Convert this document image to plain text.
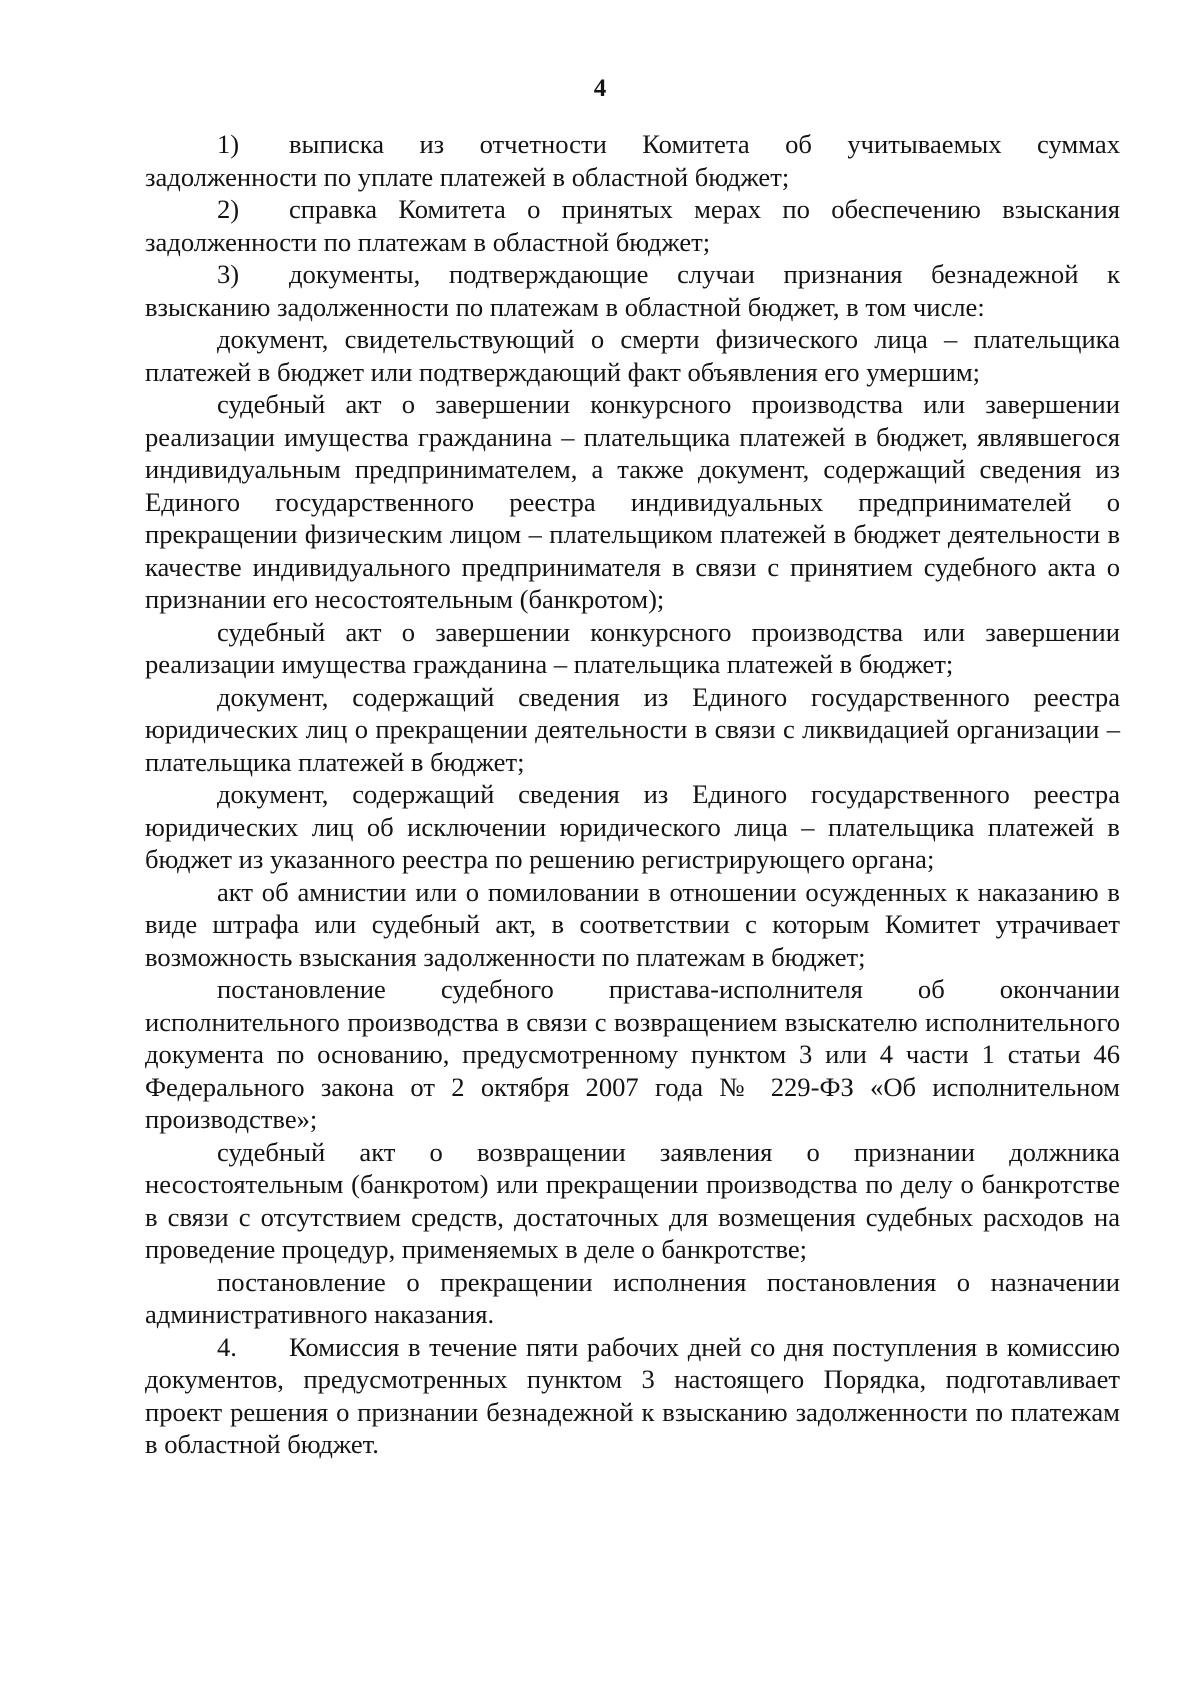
4

1) выписка из отчетности Комитета об учитываемых суммах задолженности по уплате платежей в областной бюджет;

2) справка Комитета о принятых мерах по обеспечению взыскания задолженности по платежам в областной бюджет;

3) документы, подтверждающие случаи признания безнадежной к взысканию задолженности по платежам в областной бюджет, в том числе:

документ, свидетельствующий о смерти физического лица – плательщика платежей в бюджет или подтверждающий факт объявления его умершим;

судебный акт о завершении конкурсного производства или завершении реализации имущества гражданина – плательщика платежей в бюджет, являвшегося индивидуальным предпринимателем, а также документ, содержащий сведения из Единого государственного реестра индивидуальных предпринимателей о прекращении физическим лицом – плательщиком платежей в бюджет деятельности в качестве индивидуального предпринимателя в связи с принятием судебного акта о признании его несостоятельным (банкротом);

судебный акт о завершении конкурсного производства или завершении реализации имущества гражданина – плательщика платежей в бюджет;

документ, содержащий сведения из Единого государственного реестра юридических лиц о прекращении деятельности в связи с ликвидацией организации – плательщика платежей в бюджет;

документ, содержащий сведения из Единого государственного реестра юридических лиц об исключении юридического лица – плательщика платежей в бюджет из указанного реестра по решению регистрирующего органа;

акт об амнистии или о помиловании в отношении осужденных к наказанию в виде штрафа или судебный акт, в соответствии с которым Комитет утрачивает возможность взыскания задолженности по платежам в бюджет;

постановление судебного пристава-исполнителя об окончании исполнительного производства в связи с возвращением взыскателю исполнительного документа по основанию, предусмотренному пунктом 3 или 4 части 1 статьи 46 Федерального закона от 2 октября 2007 года № 229-ФЗ «Об исполнительном производстве»;

судебный акт о возвращении заявления о признании должника несостоятельным (банкротом) или прекращении производства по делу о банкротстве в связи с отсутствием средств, достаточных для возмещения судебных расходов на проведение процедур, применяемых в деле о банкротстве;

постановление о прекращении исполнения постановления о назначении административного наказания.

4. Комиссия в течение пяти рабочих дней со дня поступления в комиссию документов, предусмотренных пунктом 3 настоящего Порядка, подготавливает проект решения о признании безнадежной к взысканию задолженности по платежам в областной бюджет.
